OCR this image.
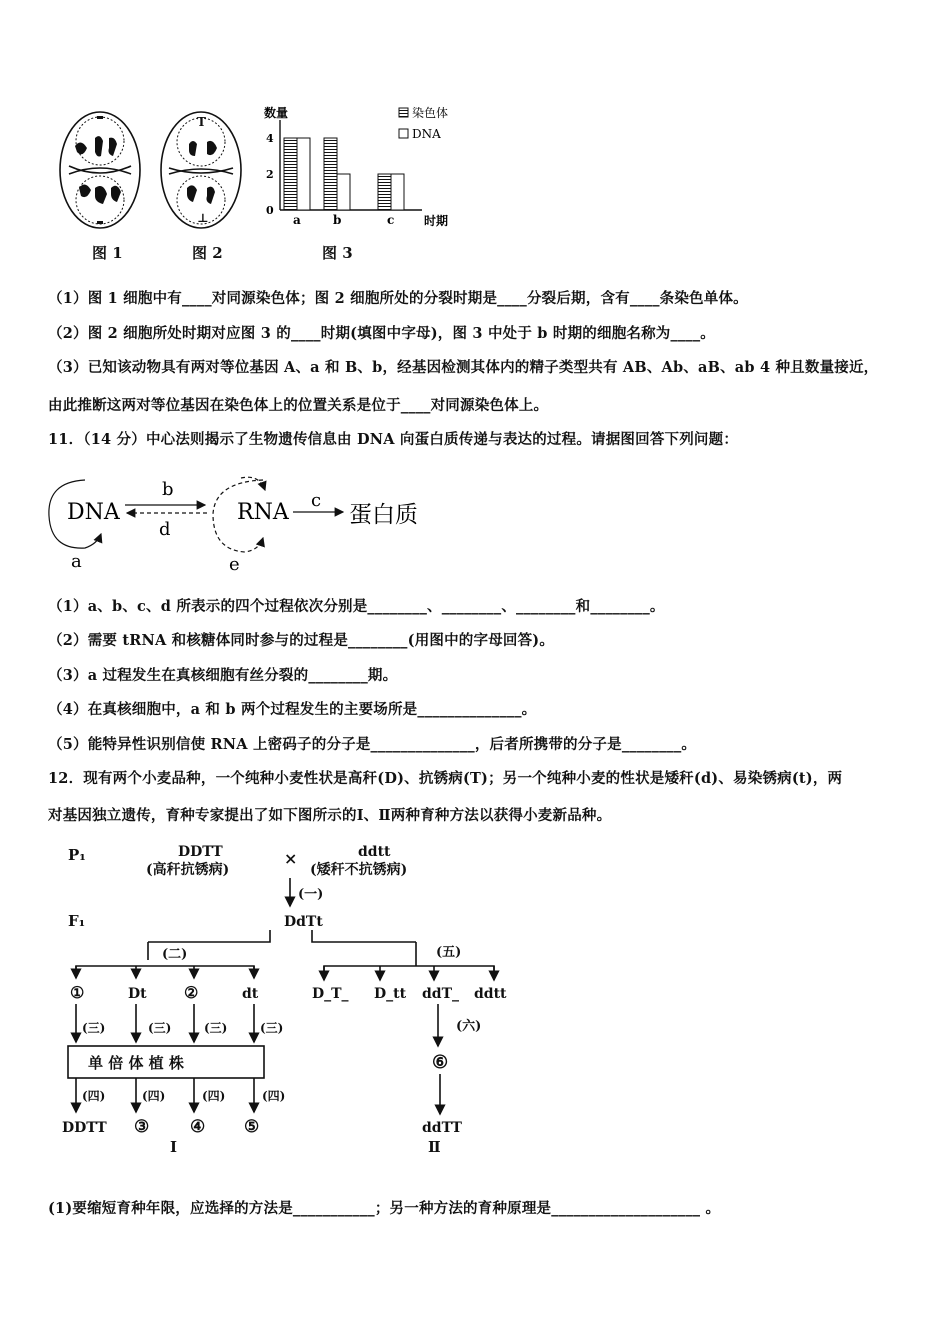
T
⊥
数量
时期
0
2
4
a	b	c
染色体
DNA
图 1	图 2	图 3
（1）图 1 细胞中有____对同源染色体；图 2 细胞所处的分裂时期是____分裂后期，含有____条染色单体。
（2）图 2 细胞所处时期对应图 3 的____时期(填图中字母)，图 3 中处于 b 时期的细胞名称为____。
（3）已知该动物具有两对等位基因 A、a 和 B、b，经基因检测其体内的精子类型共有 AB、Ab、aB、ab 4 种且数量接近，
由此推断这两对等位基因在染色体上的位置关系是位于____对同源染色体上。
11．（14 分）中心法则揭示了生物遗传信息由 DNA 向蛋白质传递与表达的过程。请据图回答下列问题：
DNA
a
b
d
RNA
e
c
蛋白质
（1）a、b、c、d 所表示的四个过程依次分别是________、________、________和________。
（2）需要 tRNA 和核糖体同时参与的过程是________(用图中的字母回答)。
（3）a 过程发生在真核细胞有丝分裂的________期。
（4）在真核细胞中，a 和 b 两个过程发生的主要场所是______________。
（5）能特异性识别信使 RNA 上密码子的分子是______________，后者所携带的分子是________。
12．现有两个小麦品种，一个纯种小麦性状是高秆(D)、抗锈病(T)；另一个纯种小麦的性状是矮秆(d)、易染锈病(t)，两
对基因独立遗传，育种专家提出了如下图所示的Ⅰ、Ⅱ两种育种方法以获得小麦新品种。
P₁	DDTT
(高秆抗锈病)
×	ddtt
(矮秆不抗锈病)
(一)
F₁	DdTt
(二)	(五)
①	Dt ②	dt	D_T_ D_tt ddT_ ddtt
(三)	(三)	(三)	(三)	(六)
单 倍 体 植 株	⑥
(四)	(四)	(四)	(四)
DDTT ③ ④ ⑤	ddTT
Ⅰ	Ⅱ
(1)要缩短育种年限，应选择的方法是___________；另一种方法的育种原理是____________________ 。
